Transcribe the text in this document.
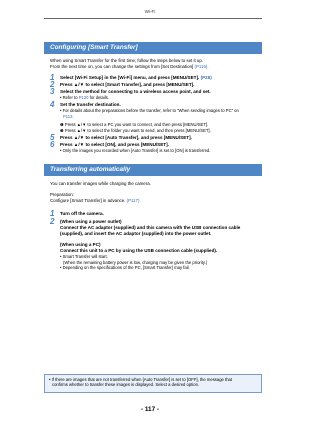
Wi-Fi
Configuring [Smart Transfer]
When using Smart Transfer for the first time, follow the steps below to set it up.
From the next time on, you can change the settings from [Set Destination] (P116).
1 Select [Wi-Fi Setup] in the [Wi-Fi] menu, and press [MENU/SET]. (P26)
2 Press ▲/▼ to select [Smart Transfer], and press [MENU/SET].
3 Select the method for connecting to a wireless access point, and set.
• Refer to P120 for details.
4 Set the transfer destination.
• For details about the preparations before the transfer, refer to “When sending images to PC” on
P113.
❶ Press ▲/▼ to select a PC you want to connect, and then press [MENU/SET].
❷ Press ▲/▼ to select the folder you want to send, and then press [MENU/SET].
5 Press ▲/▼ to select [Auto Transfer], and press [MENU/SET].
6 Press ▲/▼ to select [ON], and press [MENU/SET].
• Only the images you recorded when [Auto Transfer] is set to [ON] is transferred.
Transferring automatically
You can transfer images while charging the camera.
Preparation:
Configure [Smart Transfer] in advance. (P117)
1 Turn off the camera.
2 (When using a power outlet)
Connect the AC adaptor (supplied) and this camera with the USB connection cable
(supplied), and insert the AC adaptor (supplied) into the power outlet.
(When using a PC)
Connect this unit to a PC by using the USB connection cable (supplied).
• Smart Transfer will start.
(When the remaining battery power is low, charging may be given the priority.)
• Depending on the specifications of the PC, [Smart Transfer] may fail.
• If there are images that are not transferred when [Auto Transfer] is set to [OFF], the message that
confirms whether to transfer these images is displayed. Select a desired option.
- 117 -
